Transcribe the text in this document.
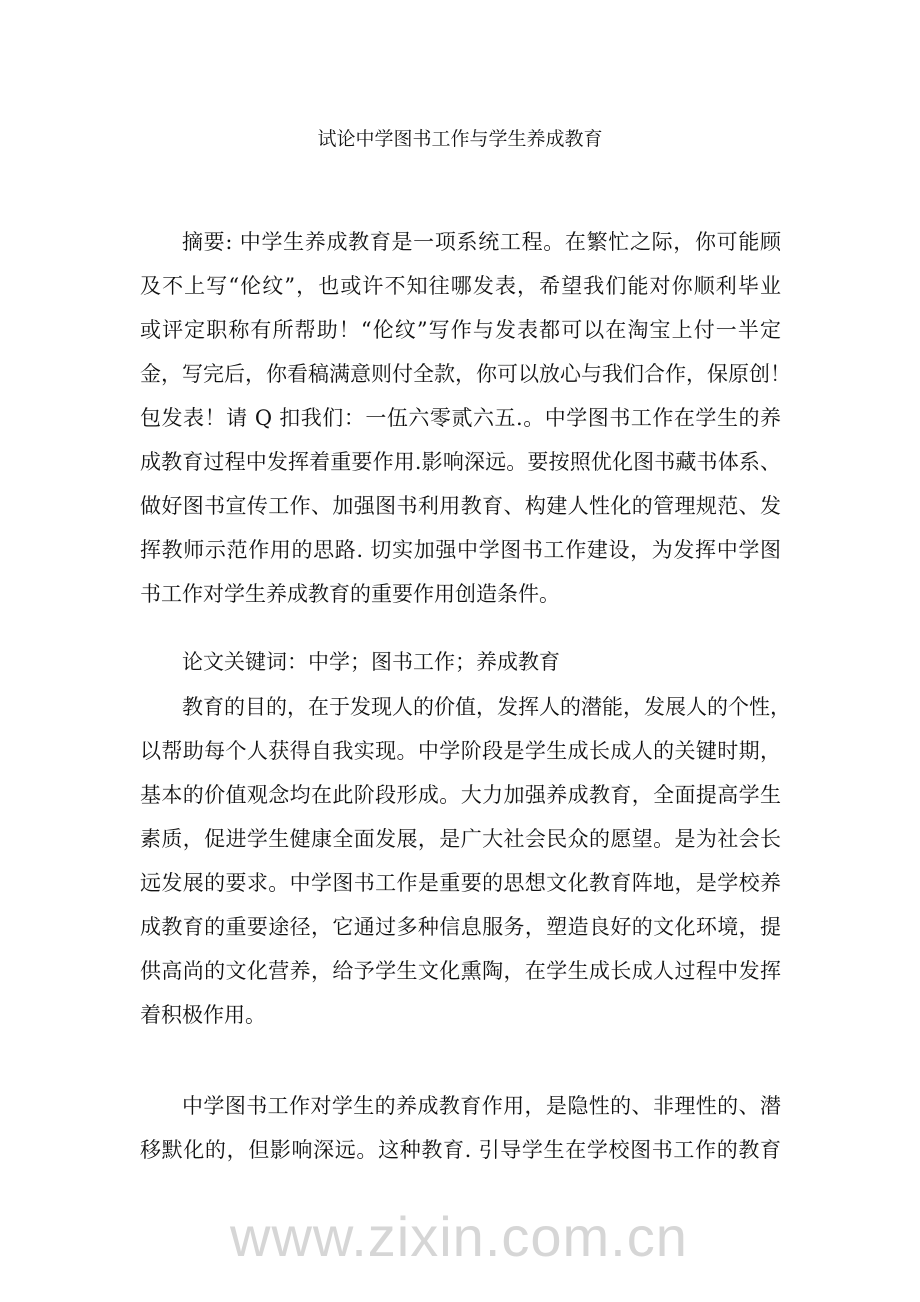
试论中学图书工作与学生养成教育
摘要: 中学生养成教育是一项系统工程。在繁忙之际，你可能顾
及不上写“伦纹”，也或许不知往哪发表，希望我们能对你顺利毕业
或评定职称有所帮助！“伦纹”写作与发表都可以在淘宝上付一半定
金，写完后，你看稿满意则付全款，你可以放心与我们合作，保原创！
包发表！请 Q 扣我们：一伍六零贰六五.。中学图书工作在学生的养
成教育过程中发挥着重要作用.影响深远。要按照优化图书藏书体系、
做好图书宣传工作、加强图书利用教育、构建人性化的管理规范、发
挥教师示范作用的思路. 切实加强中学图书工作建设，为发挥中学图
书工作对学生养成教育的重要作用创造条件。
论文关键词：中学；图书工作；养成教育
教育的目的，在于发现人的价值，发挥人的潜能，发展人的个性，
以帮助每个人获得自我实现。中学阶段是学生成长成人的关键时期，
基本的价值观念均在此阶段形成。大力加强养成教育，全面提高学生
素质，促进学生健康全面发展，是广大社会民众的愿望。是为社会长
远发展的要求。中学图书工作是重要的思想文化教育阵地，是学校养
成教育的重要途径，它通过多种信息服务，塑造良好的文化环境，提
供高尚的文化营养，给予学生文化熏陶，在学生成长成人过程中发挥
着积极作用。
中学图书工作对学生的养成教育作用，是隐性的、非理性的、潜
移默化的，但影响深远。这种教育. 引导学生在学校图书工作的教育
www.zixin.com.cn
